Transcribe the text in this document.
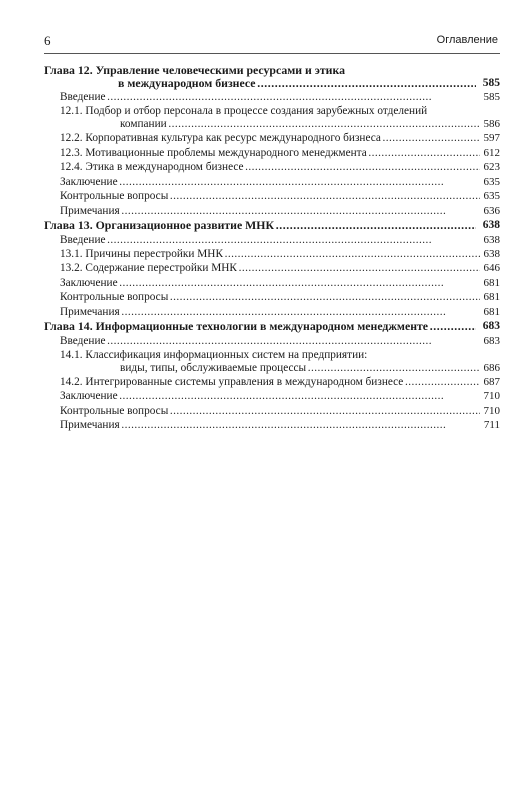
6	Оглавление
Глава 12. Управление человеческими ресурсами и этика
в международном бизнесе . . .	585
Введение . . .	585
12.1. Подбор и отбор персонала в процессе создания зарубежных отделений
компании . . .	586
12.2. Корпоративная культура как ресурс международного бизнеса . . .	597
12.3. Мотивационные проблемы международного менеджмента . . .	612
12.4. Этика в международном бизнесе . . .	623
Заключение . . .	635
Контрольные вопросы . . .	635
Примечания . . .	636
Глава 13. Организационное развитие МНК . . .	638
Введение . . .	638
13.1. Причины перестройки МНК . . .	638
13.2. Содержание перестройки МНК . . .	646
Заключение . . .	681
Контрольные вопросы . . .	681
Примечания . . .	681
Глава 14. Информационные технологии в международном менеджменте . . .	683
Введение . . .	683
14.1. Классификация информационных систем на предприятии:
виды, типы, обслуживаемые процессы . . .	686
14.2. Интегрированные системы управления в международном бизнесе . . .	687
Заключение . . .	710
Контрольные вопросы . . .	710
Примечания . . .	711
